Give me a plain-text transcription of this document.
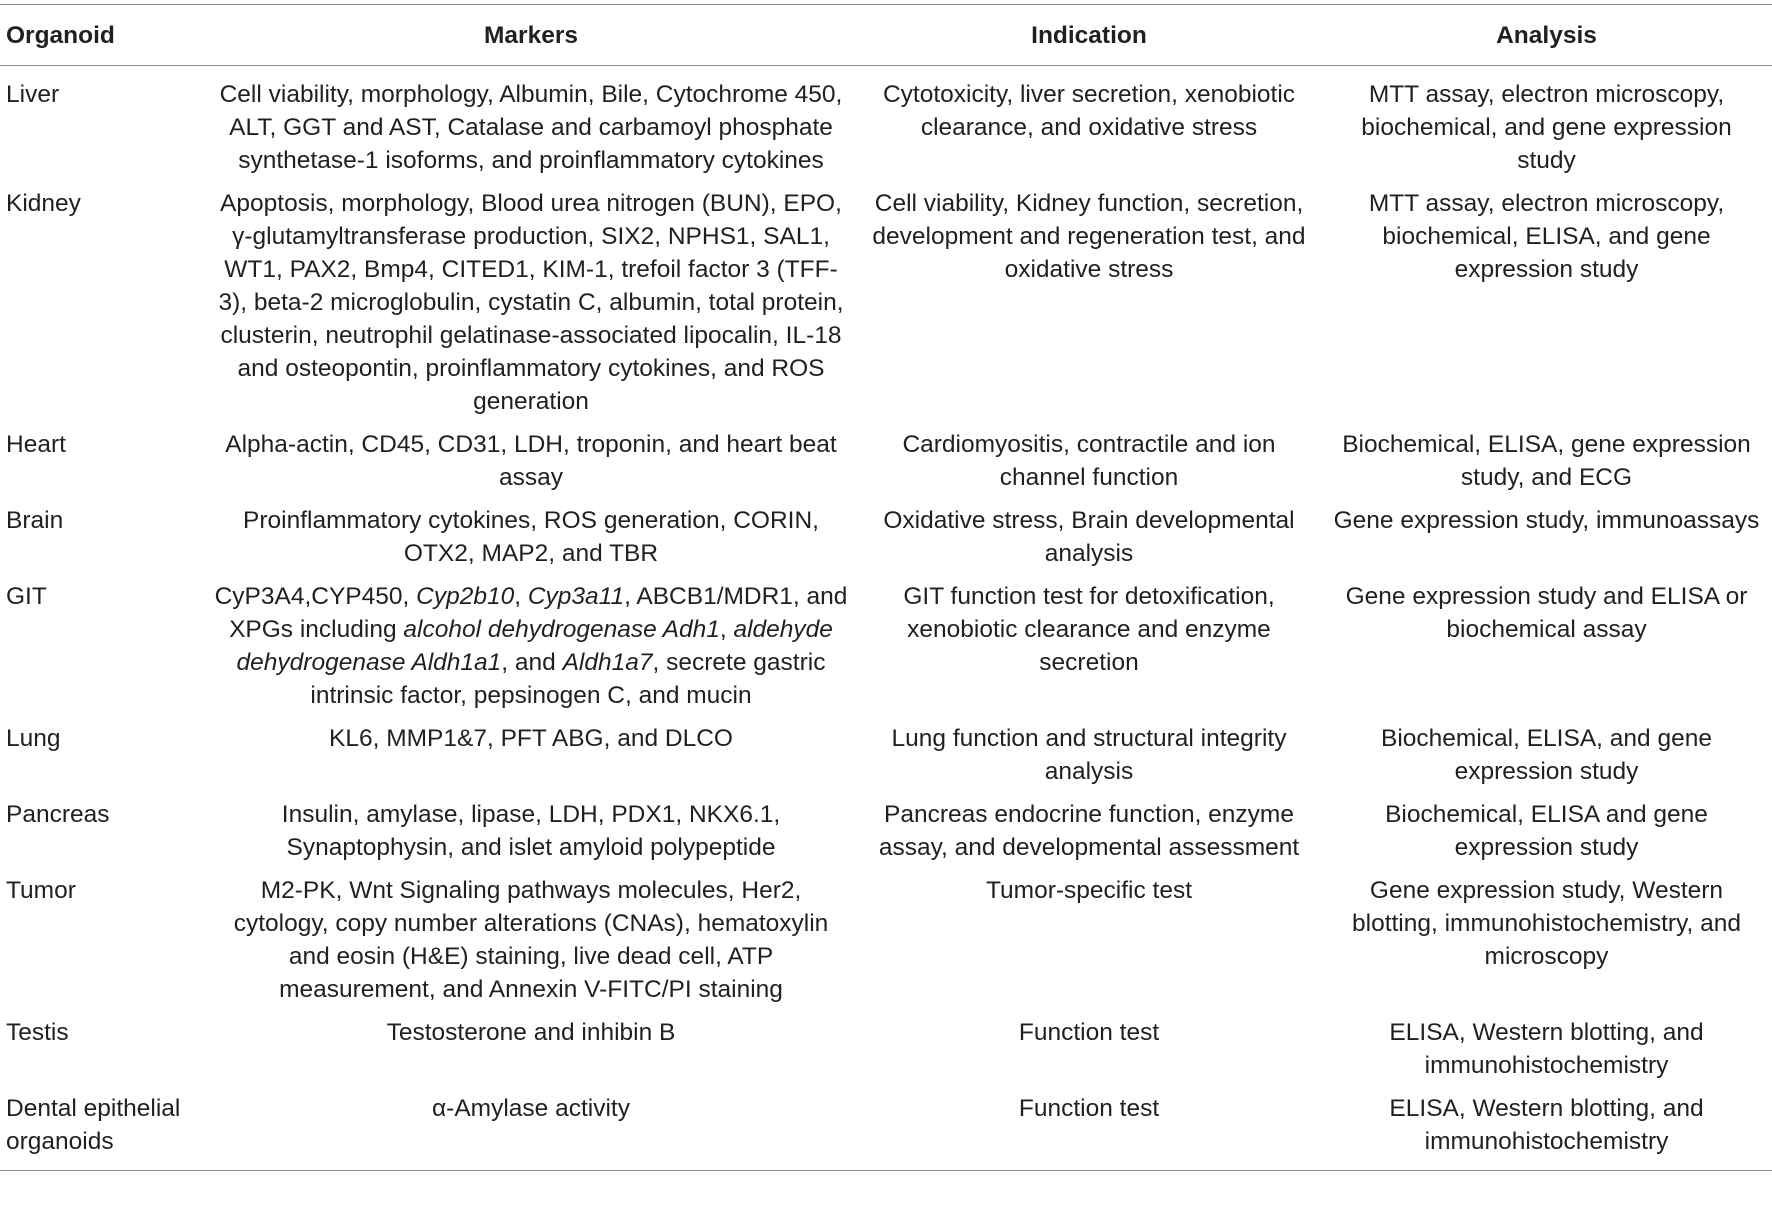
Organoid	Markers	Indication	Analysis
Liver	Cell viability, morphology, Albumin, Bile, Cytochrome 450, ALT, GGT and AST, Catalase and carbamoyl phosphate synthetase-1 isoforms, and proinflammatory cytokines	Cytotoxicity, liver secretion, xenobiotic clearance, and oxidative stress	MTT assay, electron microscopy, biochemical, and gene expression study
Kidney	Apoptosis, morphology, Blood urea nitrogen (BUN), EPO, γ-glutamyltransferase production, SIX2, NPHS1, SAL1, WT1, PAX2, Bmp4, CITED1, KIM-1, trefoil factor 3 (TFF-3), beta-2 microglobulin, cystatin C, albumin, total protein, clusterin, neutrophil gelatinase-associated lipocalin, IL-18 and osteopontin, proinflammatory cytokines, and ROS generation	Cell viability, Kidney function, secretion, development and regeneration test, and oxidative stress	MTT assay, electron microscopy, biochemical, ELISA, and gene expression study
Heart	Alpha-actin, CD45, CD31, LDH, troponin, and heart beat assay	Cardiomyositis, contractile and ion channel function	Biochemical, ELISA, gene expression study, and ECG
Brain	Proinflammatory cytokines, ROS generation, CORIN, OTX2, MAP2, and TBR	Oxidative stress, Brain developmental analysis	Gene expression study, immunoassays
GIT	CyP3A4,CYP450, Cyp2b10, Cyp3a11, ABCB1/MDR1, and XPGs including alcohol dehydrogenase Adh1, aldehyde dehydrogenase Aldh1a1, and Aldh1a7, secrete gastric intrinsic factor, pepsinogen C, and mucin	GIT function test for detoxification, xenobiotic clearance and enzyme secretion	Gene expression study and ELISA or biochemical assay
Lung	KL6, MMP1&7, PFT ABG, and DLCO	Lung function and structural integrity analysis	Biochemical, ELISA, and gene expression study
Pancreas	Insulin, amylase, lipase, LDH, PDX1, NKX6.1, Synaptophysin, and islet amyloid polypeptide	Pancreas endocrine function, enzyme assay, and developmental assessment	Biochemical, ELISA and gene expression study
Tumor	M2-PK, Wnt Signaling pathways molecules, Her2, cytology, copy number alterations (CNAs), hematoxylin and eosin (H&E) staining, live dead cell, ATP measurement, and Annexin V-FITC/PI staining	Tumor-specific test	Gene expression study, Western blotting, immunohistochemistry, and microscopy
Testis	Testosterone and inhibin B	Function test	ELISA, Western blotting, and immunohistochemistry
Dental epithelial organoids	α-Amylase activity	Function test	ELISA, Western blotting, and immunohistochemistry
